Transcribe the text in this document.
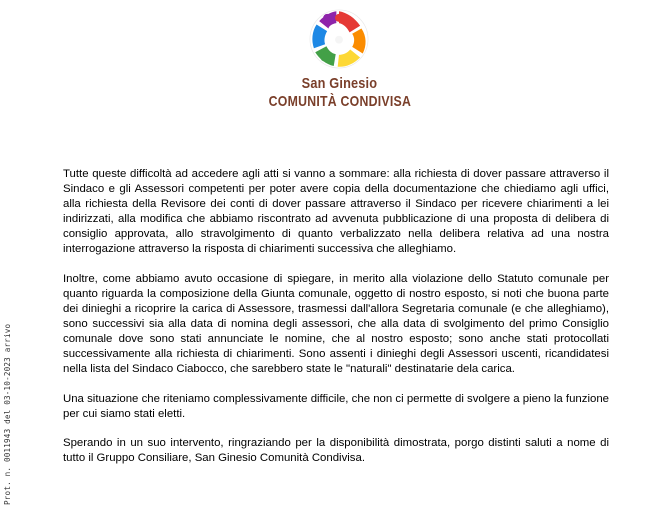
San Ginesio
COMUNITÀ CONDIVISA

Tutte queste difficoltà ad accedere agli atti si vanno a sommare: alla richiesta di dover passare attraverso il Sindaco e gli Assessori competenti per poter avere copia della documentazione che chiediamo agli uffici, alla richiesta della Revisore dei conti di dover passare attraverso il Sindaco per ricevere chiarimenti a lei indirizzati, alla modifica che abbiamo riscontrato ad avvenuta pubblicazione di una proposta di delibera di consiglio approvata, allo stravolgimento di quanto verbalizzato nella delibera relativa ad una nostra interrogazione attraverso la risposta di chiarimenti successiva che alleghiamo.

Inoltre, come abbiamo avuto occasione di spiegare, in merito alla violazione dello Statuto comunale per quanto riguarda la composizione della Giunta comunale, oggetto di nostro esposto, si noti che buona parte dei dinieghi a ricoprire la carica di Assessore, trasmessi dall'allora Segretaria comunale (e che alleghiamo), sono successivi sia alla data di nomina degli assessori, che alla data di svolgimento del primo Consiglio comunale dove sono stati annunciate le nomine, che al nostro esposto; sono anche stati protocollati successivamente alla richiesta di chiarimenti. Sono assenti i dinieghi degli Assessori uscenti, ricandidatesi nella lista del Sindaco Ciabocco, che sarebbero state le "naturali" destinatarie dela carica.

Una situazione che riteniamo complessivamente difficile, che non ci permette di svolgere a pieno la funzione per cui siamo stati eletti.

Sperando in un suo intervento, ringraziando per la disponibilità dimostrata, porgo distinti saluti a nome di tutto il Gruppo Consiliare, San Ginesio Comunità Condivisa.

Prot. n. 0011943 del 03-10-2023 arrivo
